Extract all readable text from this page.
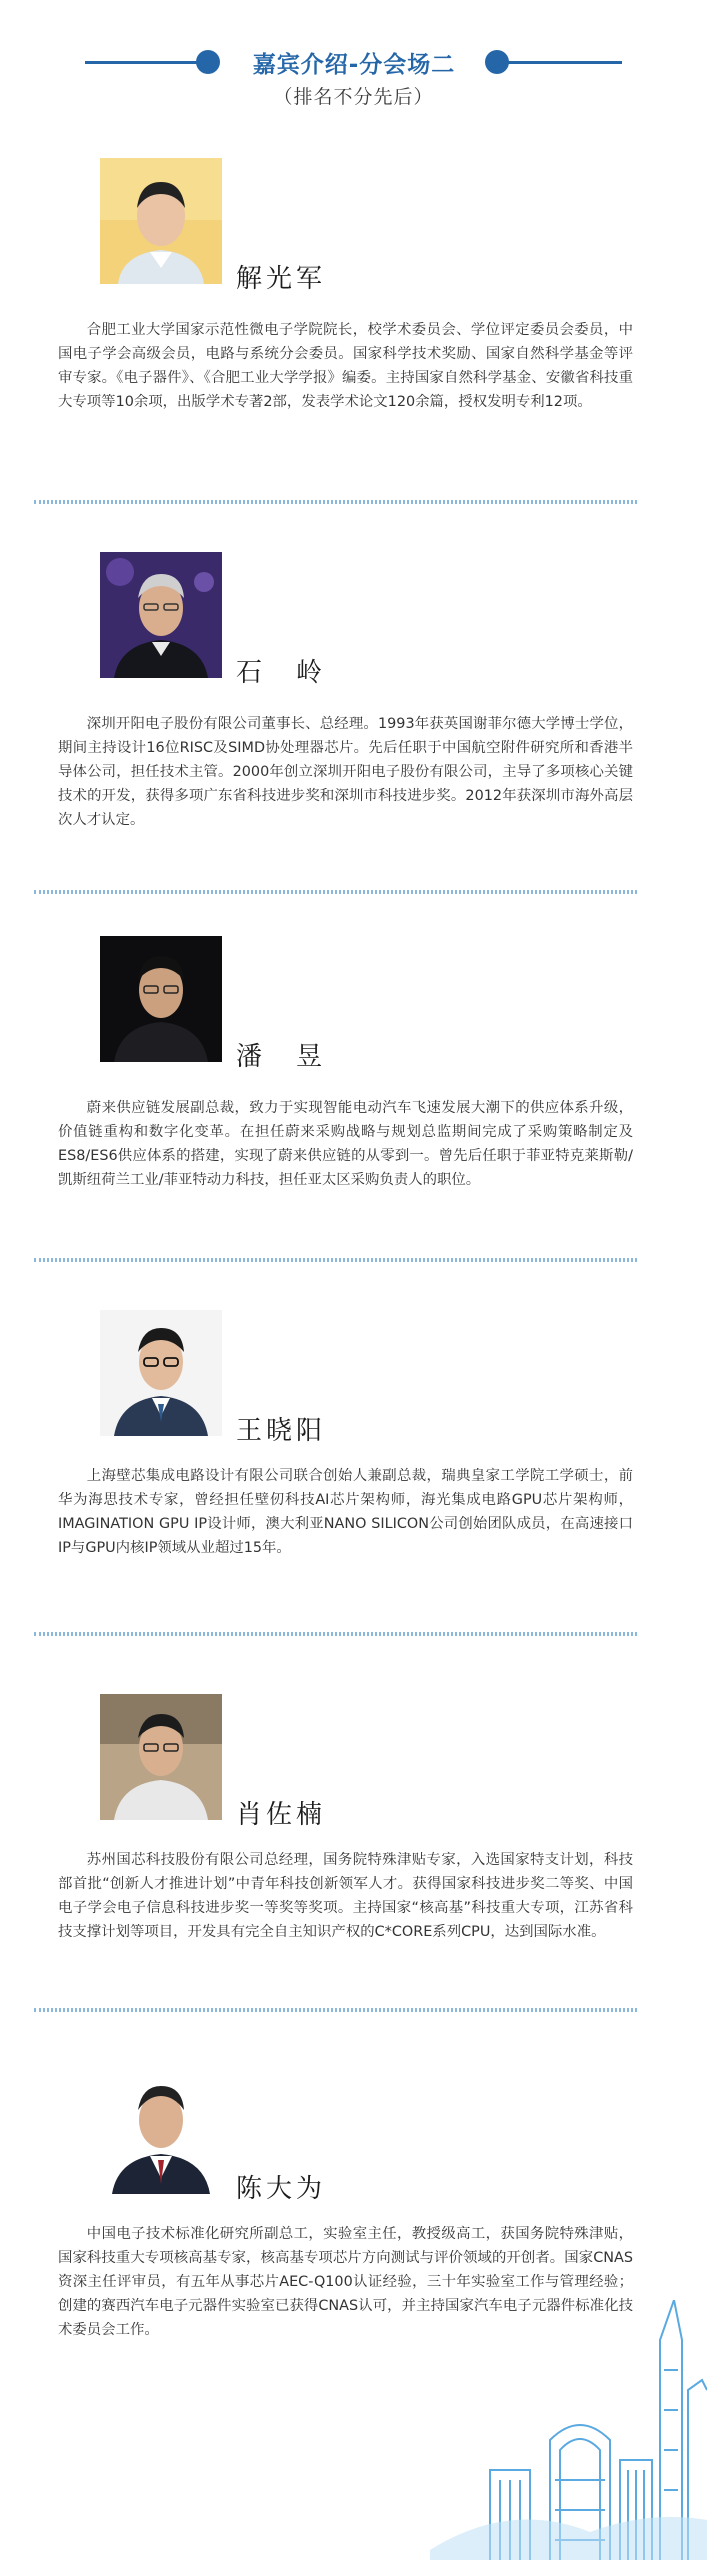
嘉宾介绍-分会场二
（排名不分先后）
解光军

合肥工业大学国家示范性微电子学院院长，校学术委员会、学位评定委员会委员，中国电子学会高级会员，电路与系统分会委员。国家科学技术奖励、国家自然科学基金等评审专家。《电子器件》、《合肥工业大学学报》编委。主持国家自然科学基金、安徽省科技重大专项等10余项，出版学术专著2部，发表学术论文120余篇，授权发明专利12项。

石　岭

深圳开阳电子股份有限公司董事长、总经理。1993年获英国谢菲尔德大学博士学位，期间主持设计16位RISC及SIMD协处理器芯片。先后任职于中国航空附件研究所和香港半导体公司，担任技术主管。2000年创立深圳开阳电子股份有限公司，主导了多项核心关键技术的开发，获得多项广东省科技进步奖和深圳市科技进步奖。2012年获深圳市海外高层次人才认定。

潘　昱

蔚来供应链发展副总裁，致力于实现智能电动汽车飞速发展大潮下的供应体系升级，价值链重构和数字化变革。在担任蔚来采购战略与规划总监期间完成了采购策略制定及ES8/ES6供应体系的搭建，实现了蔚来供应链的从零到一。曾先后任职于菲亚特克莱斯勒/凯斯纽荷兰工业/菲亚特动力科技，担任亚太区采购负责人的职位。

王晓阳

上海壁芯集成电路设计有限公司联合创始人兼副总裁，瑞典皇家工学院工学硕士，前华为海思技术专家，曾经担任壁仞科技AI芯片架构师，海光集成电路GPU芯片架构师，IMAGINATION GPU IP设计师，澳大利亚NANO SILICON公司创始团队成员，在高速接口IP与GPU内核IP领域从业超过15年。

肖佐楠

苏州国芯科技股份有限公司总经理，国务院特殊津贴专家，入选国家特支计划，科技部首批“创新人才推进计划”中青年科技创新领军人才。获得国家科技进步奖二等奖、中国电子学会电子信息科技进步奖一等奖等奖项。主持国家“核高基”科技重大专项，江苏省科技支撑计划等项目，开发具有完全自主知识产权的C*CORE系列CPU，达到国际水准。

陈大为

中国电子技术标准化研究所副总工，实验室主任，教授级高工，获国务院特殊津贴，国家科技重大专项核高基专家，核高基专项芯片方向测试与评价领域的开创者。国家CNAS资深主任评审员，有五年从事芯片AEC-Q100认证经验，三十年实验室工作与管理经验；创建的赛西汽车电子元器件实验室已获得CNAS认可，并主持国家汽车电子元器件标准化技术委员会工作。
